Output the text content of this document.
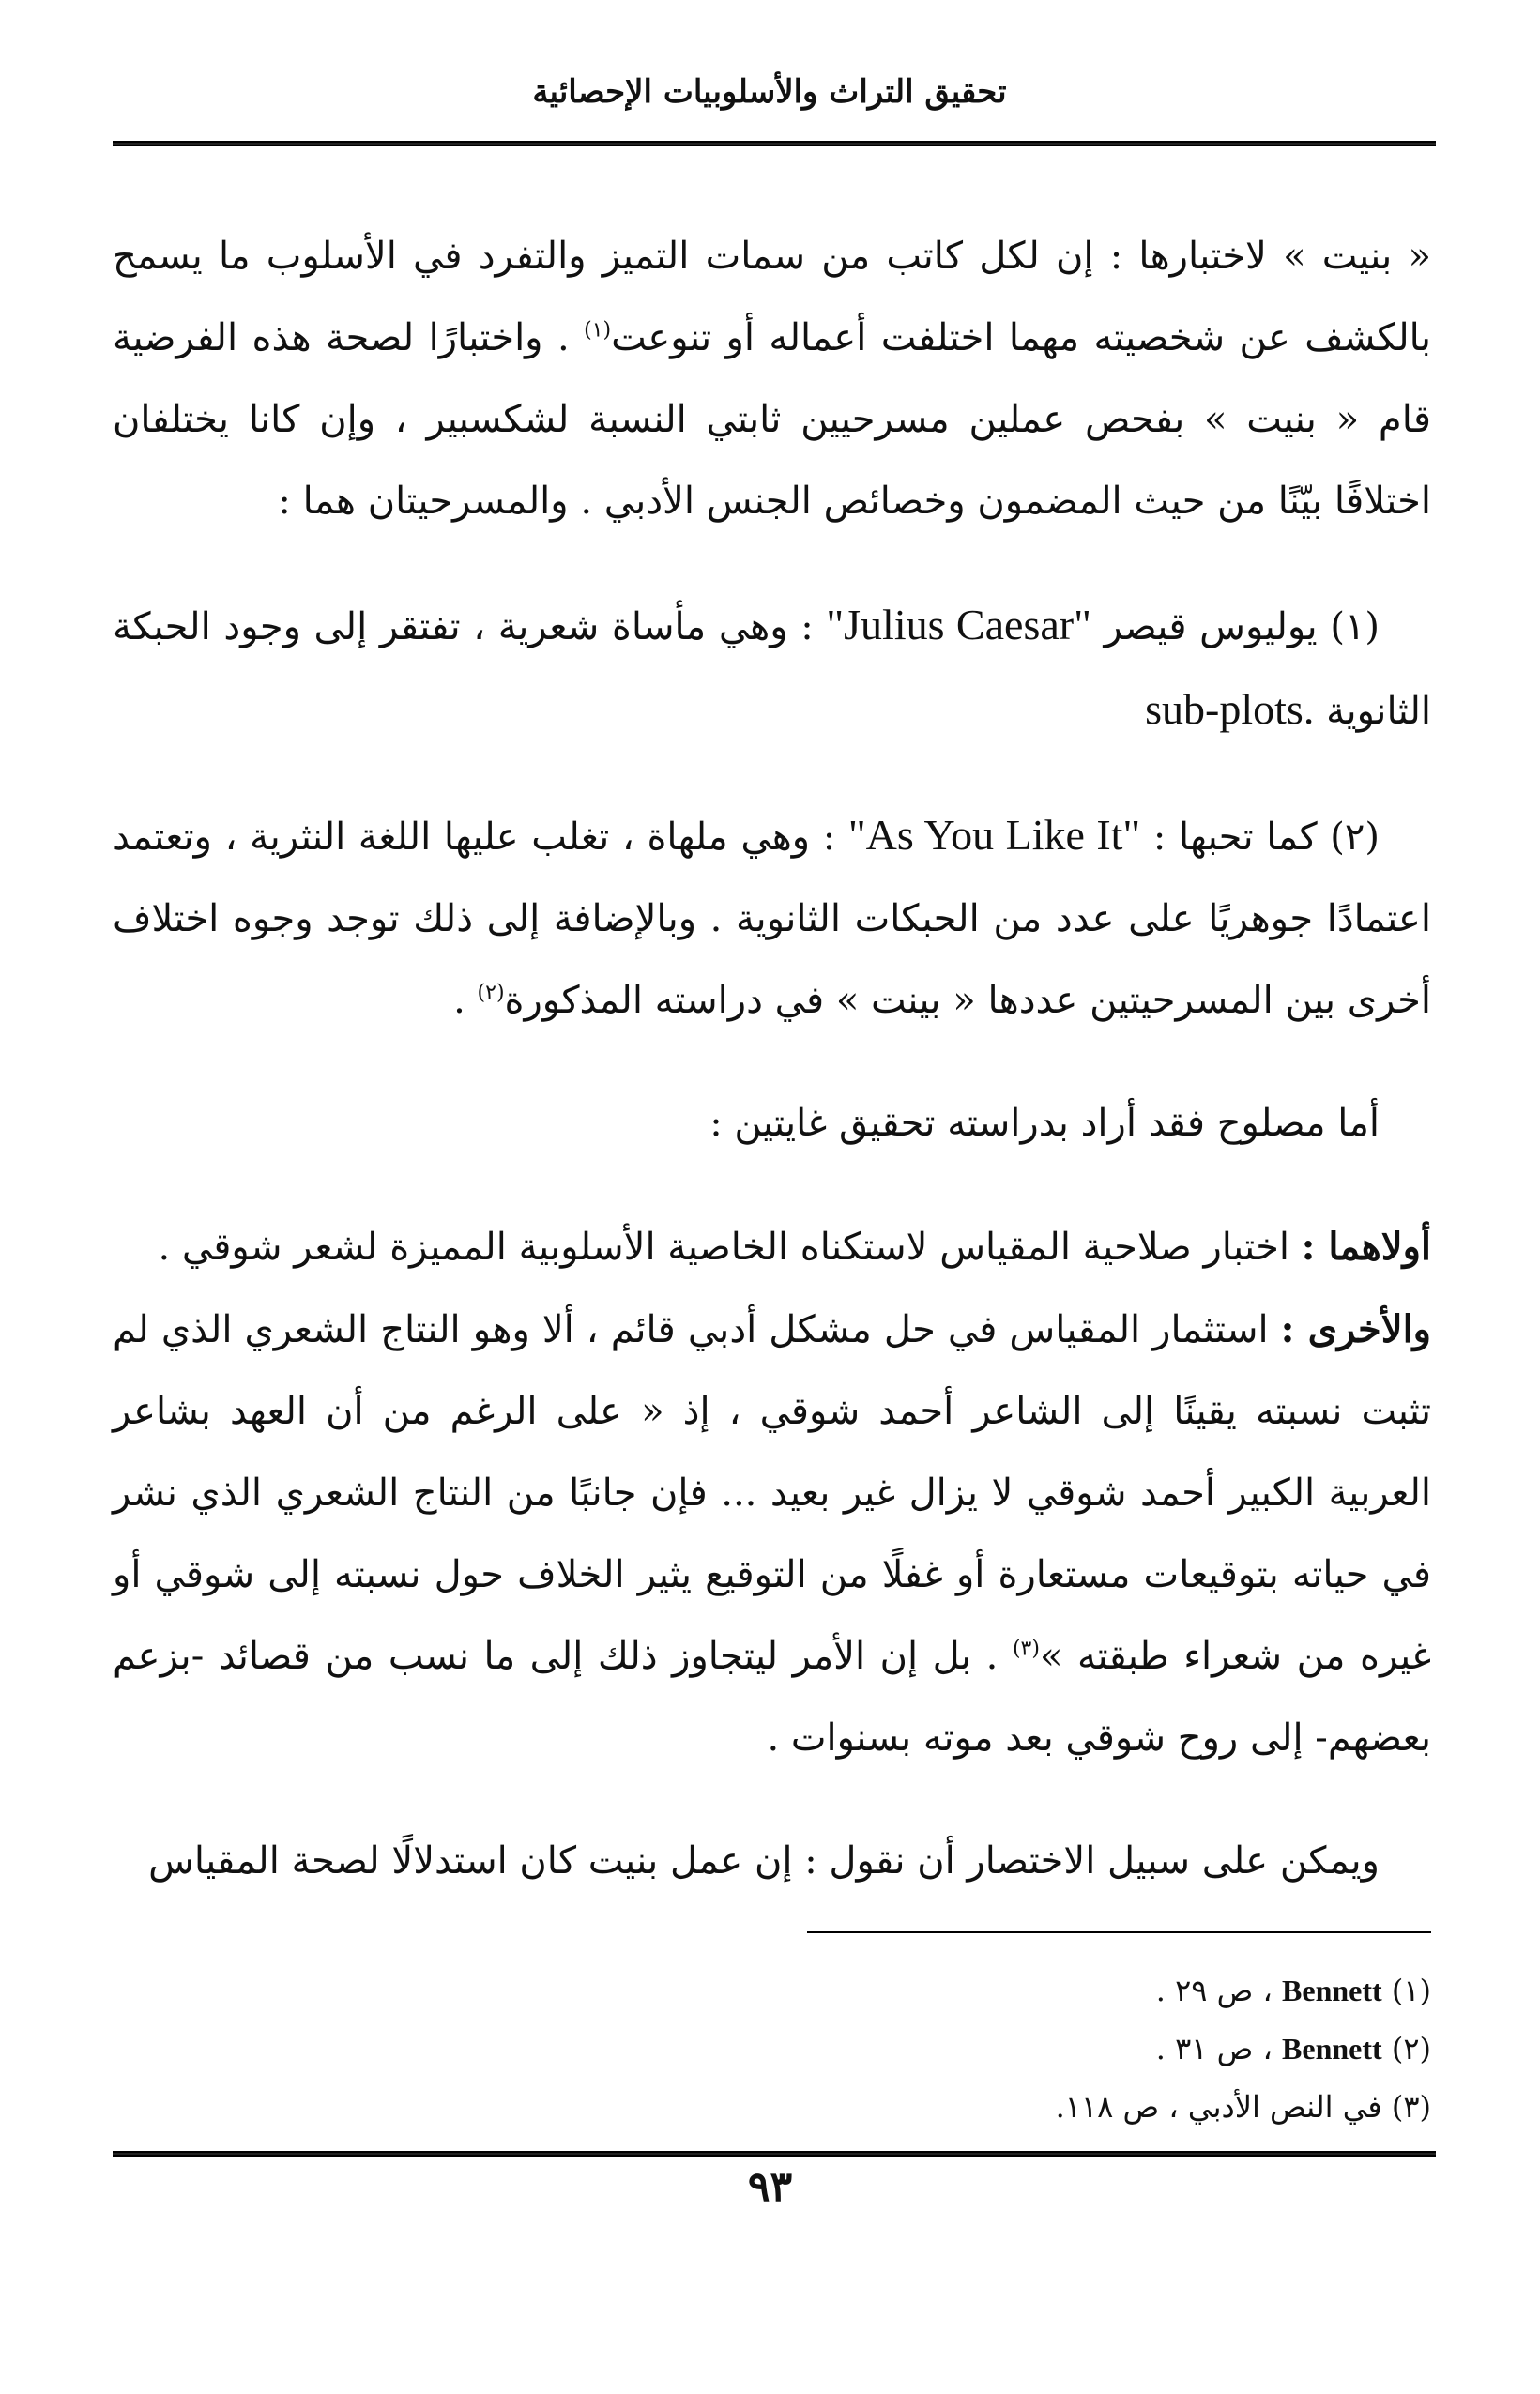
تحقيق التراث والأسلوبيات الإحصائية

« بنيت » لاختبارها : إن لكل كاتب من سمات التميز والتفرد في الأسلوب ما يسمح بالكشف عن شخصيته مهما اختلفت أعماله أو تنوعت$^{(١)}$ . واختبارًا لصحة هذه الفرضية قام « بنيت » بفحص عملين مسرحيين ثابتي النسبة لشكسبير ، وإن كانا يختلفان اختلافًا بيّنًا من حيث المضمون وخصائص الجنس الأدبي . والمسرحيتان هما :

(١) يوليوس قيصر "Julius Caesar" : وهي مأساة شعرية ، تفتقر إلى وجود الحبكة الثانوية sub-plots.

(٢) كما تحبها : "As You Like It" : وهي ملهاة ، تغلب عليها اللغة النثرية ، وتعتمد اعتمادًا جوهريًا على عدد من الحبكات الثانوية . وبالإضافة إلى ذلك توجد وجوه اختلاف أخرى بين المسرحيتين عددها « بينت » في دراسته المذكورة$^{(٢)}$ .

أما مصلوح فقد أراد بدراسته تحقيق غايتين :

أولاهما : اختبار صلاحية المقياس لاستكناه الخاصية الأسلوبية المميزة لشعر شوقي .

والأخرى : استثمار المقياس في حل مشكل أدبي قائم ، ألا وهو النتاج الشعري الذي لم تثبت نسبته يقينًا إلى الشاعر أحمد شوقي ، إذ « على الرغم من أن العهد بشاعر العربية الكبير أحمد شوقي لا يزال غير بعيد ... فإن جانبًا من النتاج الشعري الذي نشر في حياته بتوقيعات مستعارة أو غفلًا من التوقيع يثير الخلاف حول نسبته إلى شوقي أو غيره من شعراء طبقته »$^{(٣)}$ . بل إن الأمر ليتجاوز ذلك إلى ما نسب من قصائد -بزعم بعضهم- إلى روح شوقي بعد موته بسنوات .

ويمكن على سبيل الاختصار أن نقول : إن عمل بنيت كان استدلالًا لصحة المقياس

(١) Bennett ، ص ٢٩ .

(٢) Bennett ، ص ٣١ .

(٣) في النص الأدبي ، ص ١١٨.

٩٣
